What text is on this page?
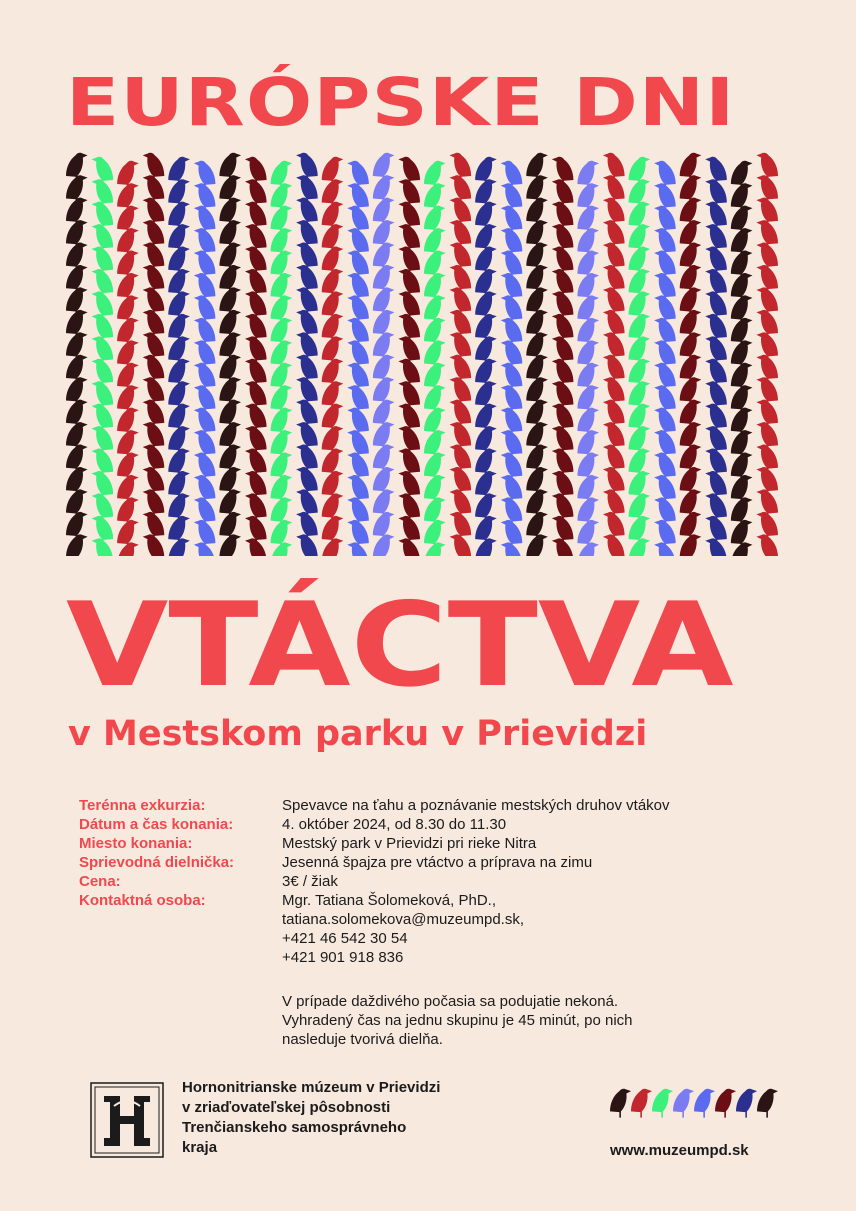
EURÓPSKE DNI
VTÁCTVA
v Mestskom parku v Prievidzi
Terénna exkurzia:	Spevavce na ťahu a poznávanie mestských druhov vtákov
Dátum a čas konania:	4. október 2024, od 8.30 do 11.30
Miesto konania:	Mestský park v Prievidzi pri rieke Nitra
Sprievodná dielnička:	Jesenná špajza pre vtáctvo a príprava na zimu
Cena:	3€ / žiak
Kontaktná osoba:	Mgr. Tatiana Šolomeková, PhD.,
tatiana.solomekova@muzeumpd.sk,
+421 46 542 30 54
+421 901 918 836
V prípade daždivého počasia sa podujatie nekoná.
Vyhradený čas na jednu skupinu je 45 minút, po nich
nasleduje tvorivá dielňa.
Hornonitrianske múzeum v Prievidzi
v zriaďovateľskej pôsobnosti
Trenčianskeho samosprávneho
kraja	www.muzeumpd.sk
